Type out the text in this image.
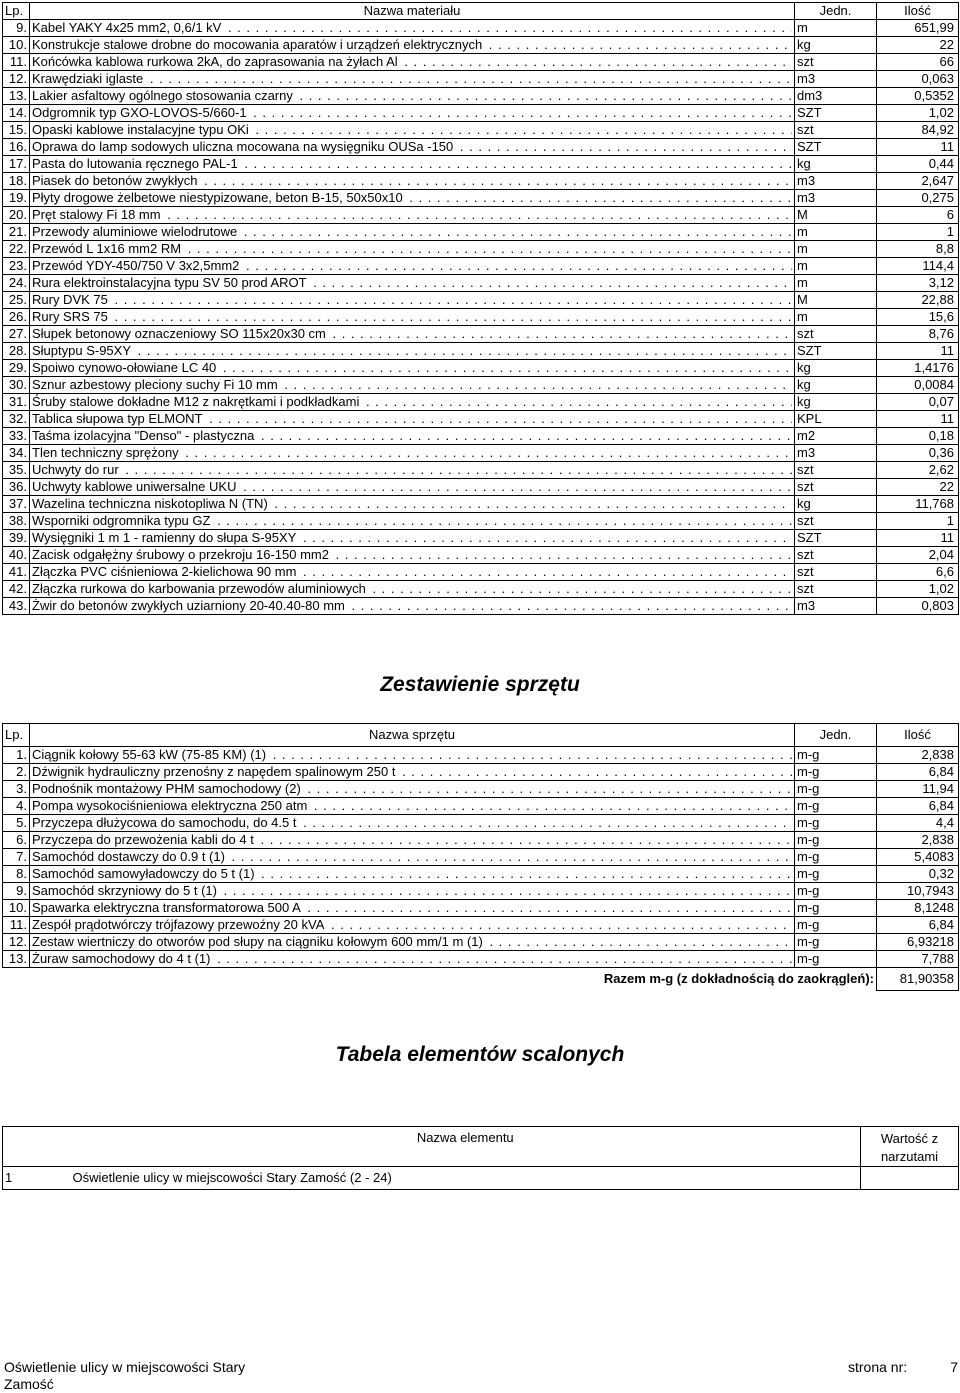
Lp.	Nazwa materiału	Jedn.	Ilość
9.	Kabel YAKY 4x25 mm2, 0,6/1 kV . . .	m	651,99
10.	Konstrukcje stalowe drobne do mocowania aparatów i urządzeń elektrycznych . . .	kg	22
11.	Końcówka kablowa rurkowa 2kA, do zaprasowania na żyłach Al . . .	szt	66
12.	Krawędziaki iglaste . . .	m3	0,063
13.	Lakier asfaltowy ogólnego stosowania czarny . . .	dm3	0,5352
14.	Odgromnik typ GXO-LOVOS-5/660-1 . . .	SZT	1,02
15.	Opaski kablowe instalacyjne typu OKi . . .	szt	84,92
16.	Oprawa do lamp sodowych uliczna mocowana na wysięgniku OUSa -150 . . .	SZT	11
17.	Pasta do lutowania ręcznego PAL-1 . . .	kg	0,44
18.	Piasek do betonów zwykłych . . .	m3	2,647
19.	Płyty drogowe żelbetowe niestypizowane, beton B-15, 50x50x10 . . .	m3	0,275
20.	Pręt stalowy Fi 18 mm . . .	M	6
21.	Przewody aluminiowe wielodrutowe . . .	m	1
22.	Przewód L 1x16 mm2 RM . . .	m	8,8
23.	Przewód YDY-450/750 V 3x2,5mm2 . . .	m	114,4
24.	Rura elektroinstalacyjna typu SV 50 prod AROT . . .	m	3,12
25.	Rury DVK 75 . . .	M	22,88
26.	Rury SRS 75 . . .	m	15,6
27.	Słupek betonowy oznaczeniowy SO 115x20x30 cm . . .	szt	8,76
28.	Słuptypu S-95XY . . .	SZT	11
29.	Spoiwo cynowo-ołowiane LC 40 . . .	kg	1,4176
30.	Sznur azbestowy pleciony suchy Fi 10 mm . . .	kg	0,0084
31.	Śruby stalowe dokładne M12 z nakrętkami i podkładkami . . .	kg	0,07
32.	Tablica słupowa typ ELMONT . . .	KPL	11
33.	Taśma izolacyjna "Denso" - plastyczna . . .	m2	0,18
34.	Tlen techniczny sprężony . . .	m3	0,36
35.	Uchwyty do rur . . .	szt	2,62
36.	Uchwyty kablowe uniwersalne UKU . . .	szt	22
37.	Wazelina techniczna niskotopliwa N (TN) . . .	kg	11,768
38.	Wsporniki odgromnika typu GZ . . .	szt	1
39.	Wysięgniki 1 m 1 - ramienny do słupa S-95XY . . .	SZT	11
40.	Zacisk odgałężny śrubowy o przekroju 16-150 mm2 . . .	szt	2,04
41.	Złączka PVC ciśnieniowa 2-kielichowa 90 mm . . .	szt	6,6
42.	Złączka rurkowa do karbowania przewodów aluminiowych . . .	szt	1,02
43.	Żwir do betonów zwykłych uziarniony 20-40.40-80 mm . . .	m3	0,803
Zestawienie sprzętu
Lp.	Nazwa sprzętu	Jedn.	Ilość
1.	Ciągnik kołowy 55-63 kW (75-85 KM) (1) . . .	m-g	2,838
2.	Dźwignik hydrauliczny przenośny z napędem spalinowym 250 t . . .	m-g	6,84
3.	Podnośnik montażowy PHM samochodowy (2) . . .	m-g	11,94
4.	Pompa wysokociśnieniowa elektryczna 250 atm . . .	m-g	6,84
5.	Przyczepa dłużycowa do samochodu, do 4.5 t . . .	m-g	4,4
6.	Przyczepa do przewożenia kabli do 4 t . . .	m-g	2,838
7.	Samochód dostawczy do 0.9 t (1) . . .	m-g	5,4083
8.	Samochód samowyładowczy do 5 t (1) . . .	m-g	0,32
9.	Samochód skrzyniowy do 5 t (1) . . .	m-g	10,7943
10.	Spawarka elektryczna transformatorowa 500 A . . .	m-g	8,1248
11.	Zespół prądotwórczy trójfazowy przewoźny 20 kVA . . .	m-g	6,84
12.	Zestaw wiertniczy do otworów pod słupy na ciągniku kołowym 600 mm/1 m (1) . . .	m-g	6,93218
13.	Żuraw samochodowy do 4 t (1) . . .	m-g	7,788
Razem m-g (z dokładnością do zaokrągleń):			81,90358
Tabela elementów scalonych
	Nazwa elementu	Wartość z narzutami
1	Oświetlenie ulicy w miejscowości Stary Zamość (2 - 24)	
Oświetlenie ulicy w miejscowości Stary Zamość
strona nr:	7
